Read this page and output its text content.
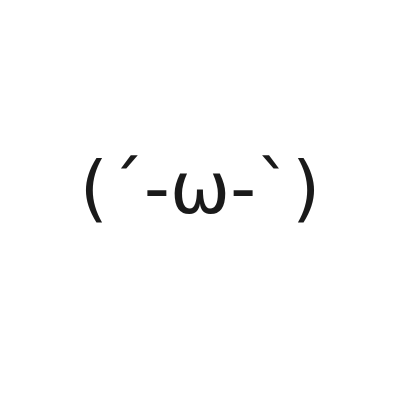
(´-ω-`)
